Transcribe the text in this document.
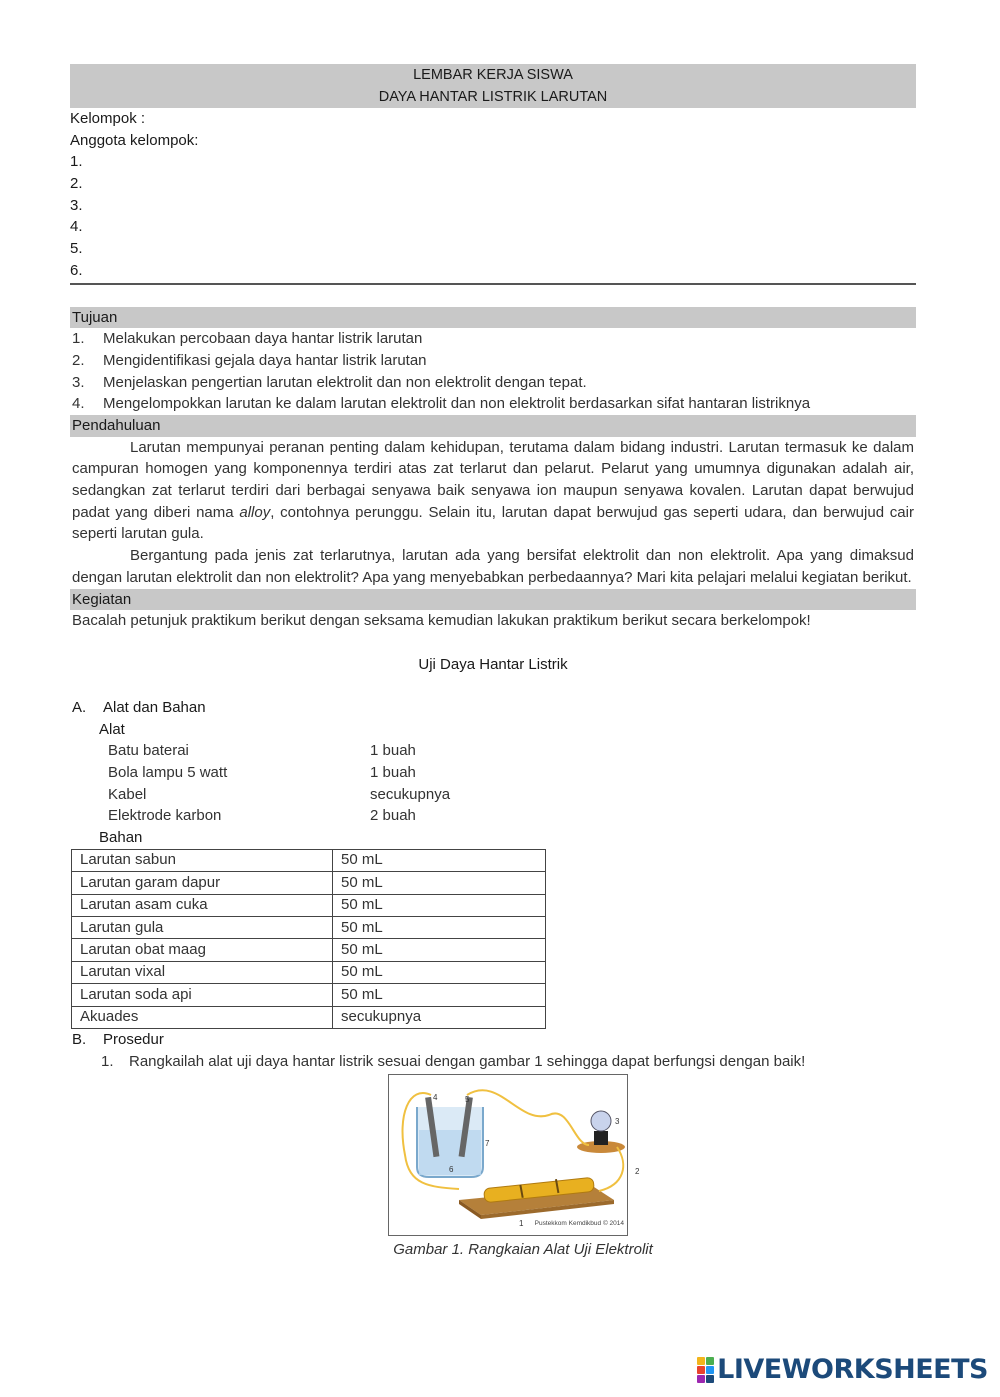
LEMBAR KERJA SISWA
DAYA HANTAR LISTRIK LARUTAN
Kelompok :
Anggota kelompok:
1.
2.
3.
4.
5.
6.
Tujuan
1.	Melakukan percobaan daya hantar listrik larutan
2.	Mengidentifikasi gejala daya hantar listrik larutan
3.	Menjelaskan pengertian larutan elektrolit dan non elektrolit dengan tepat.
4.	Mengelompokkan larutan ke dalam larutan elektrolit dan non elektrolit berdasarkan sifat hantaran listriknya
Pendahuluan
Larutan mempunyai peranan penting dalam kehidupan, terutama dalam bidang industri. Larutan termasuk ke dalam campuran homogen yang komponennya terdiri atas zat terlarut dan pelarut. Pelarut yang umumnya digunakan adalah air, sedangkan zat terlarut terdiri dari berbagai senyawa baik senyawa ion maupun senyawa kovalen. Larutan dapat berwujud padat yang diberi nama alloy, contohnya perunggu. Selain itu, larutan dapat berwujud gas seperti udara, dan berwujud cair seperti larutan gula.
Bergantung pada jenis zat terlarutnya, larutan ada yang bersifat elektrolit dan non elektrolit. Apa yang dimaksud dengan larutan elektrolit dan non elektrolit? Apa yang menyebabkan perbedaannya? Mari kita pelajari melalui kegiatan berikut.
Kegiatan
Bacalah petunjuk praktikum berikut dengan seksama kemudian lakukan praktikum berikut secara berkelompok!
Uji Daya Hantar Listrik
A.	Alat dan Bahan
Alat
Batu baterai	1 buah
Bola lampu 5 watt	1 buah
Kabel	secukupnya
Elektrode karbon	2 buah
Bahan
Larutan sabun	50 mL
Larutan garam dapur	50 mL
Larutan asam cuka	50 mL
Larutan gula	50 mL
Larutan obat maag	50 mL
Larutan vixal	50 mL
Larutan soda api	50 mL
Akuades	secukupnya
B.	Prosedur
1.	Rangkailah alat uji daya hantar listrik sesuai dengan gambar 1 sehingga dapat berfungsi dengan baik!
1
2
3
4	5
6
7
Pustekkom Kemdikbud © 2014
Gambar 1. Rangkaian Alat Uji Elektrolit
LIVEWORKSHEETS
